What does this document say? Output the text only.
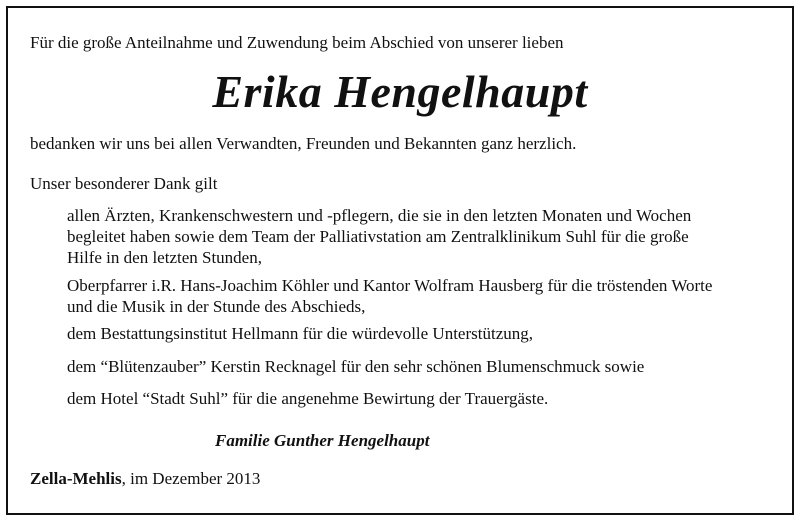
Für die große Anteilnahme und Zuwendung beim Abschied von unserer lieben
Erika Hengelhaupt
bedanken wir uns bei allen Verwandten, Freunden und Bekannten ganz herzlich.
Unser besonderer Dank gilt
allen Ärzten, Krankenschwestern und -pflegern, die sie in den letzten Monaten und Wochen
begleitet haben sowie dem Team der Palliativstation am Zentralklinikum Suhl für die große
Hilfe in den letzten Stunden,
Oberpfarrer i.R. Hans-Joachim Köhler und Kantor Wolfram Hausberg für die tröstenden Worte
und die Musik in der Stunde des Abschieds,
dem Bestattungsinstitut Hellmann für die würdevolle Unterstützung,
dem “Blütenzauber” Kerstin Recknagel für den sehr schönen Blumenschmuck sowie
dem Hotel “Stadt Suhl” für die angenehme Bewirtung der Trauergäste.
Familie Gunther Hengelhaupt
Zella-Mehlis, im Dezember 2013
